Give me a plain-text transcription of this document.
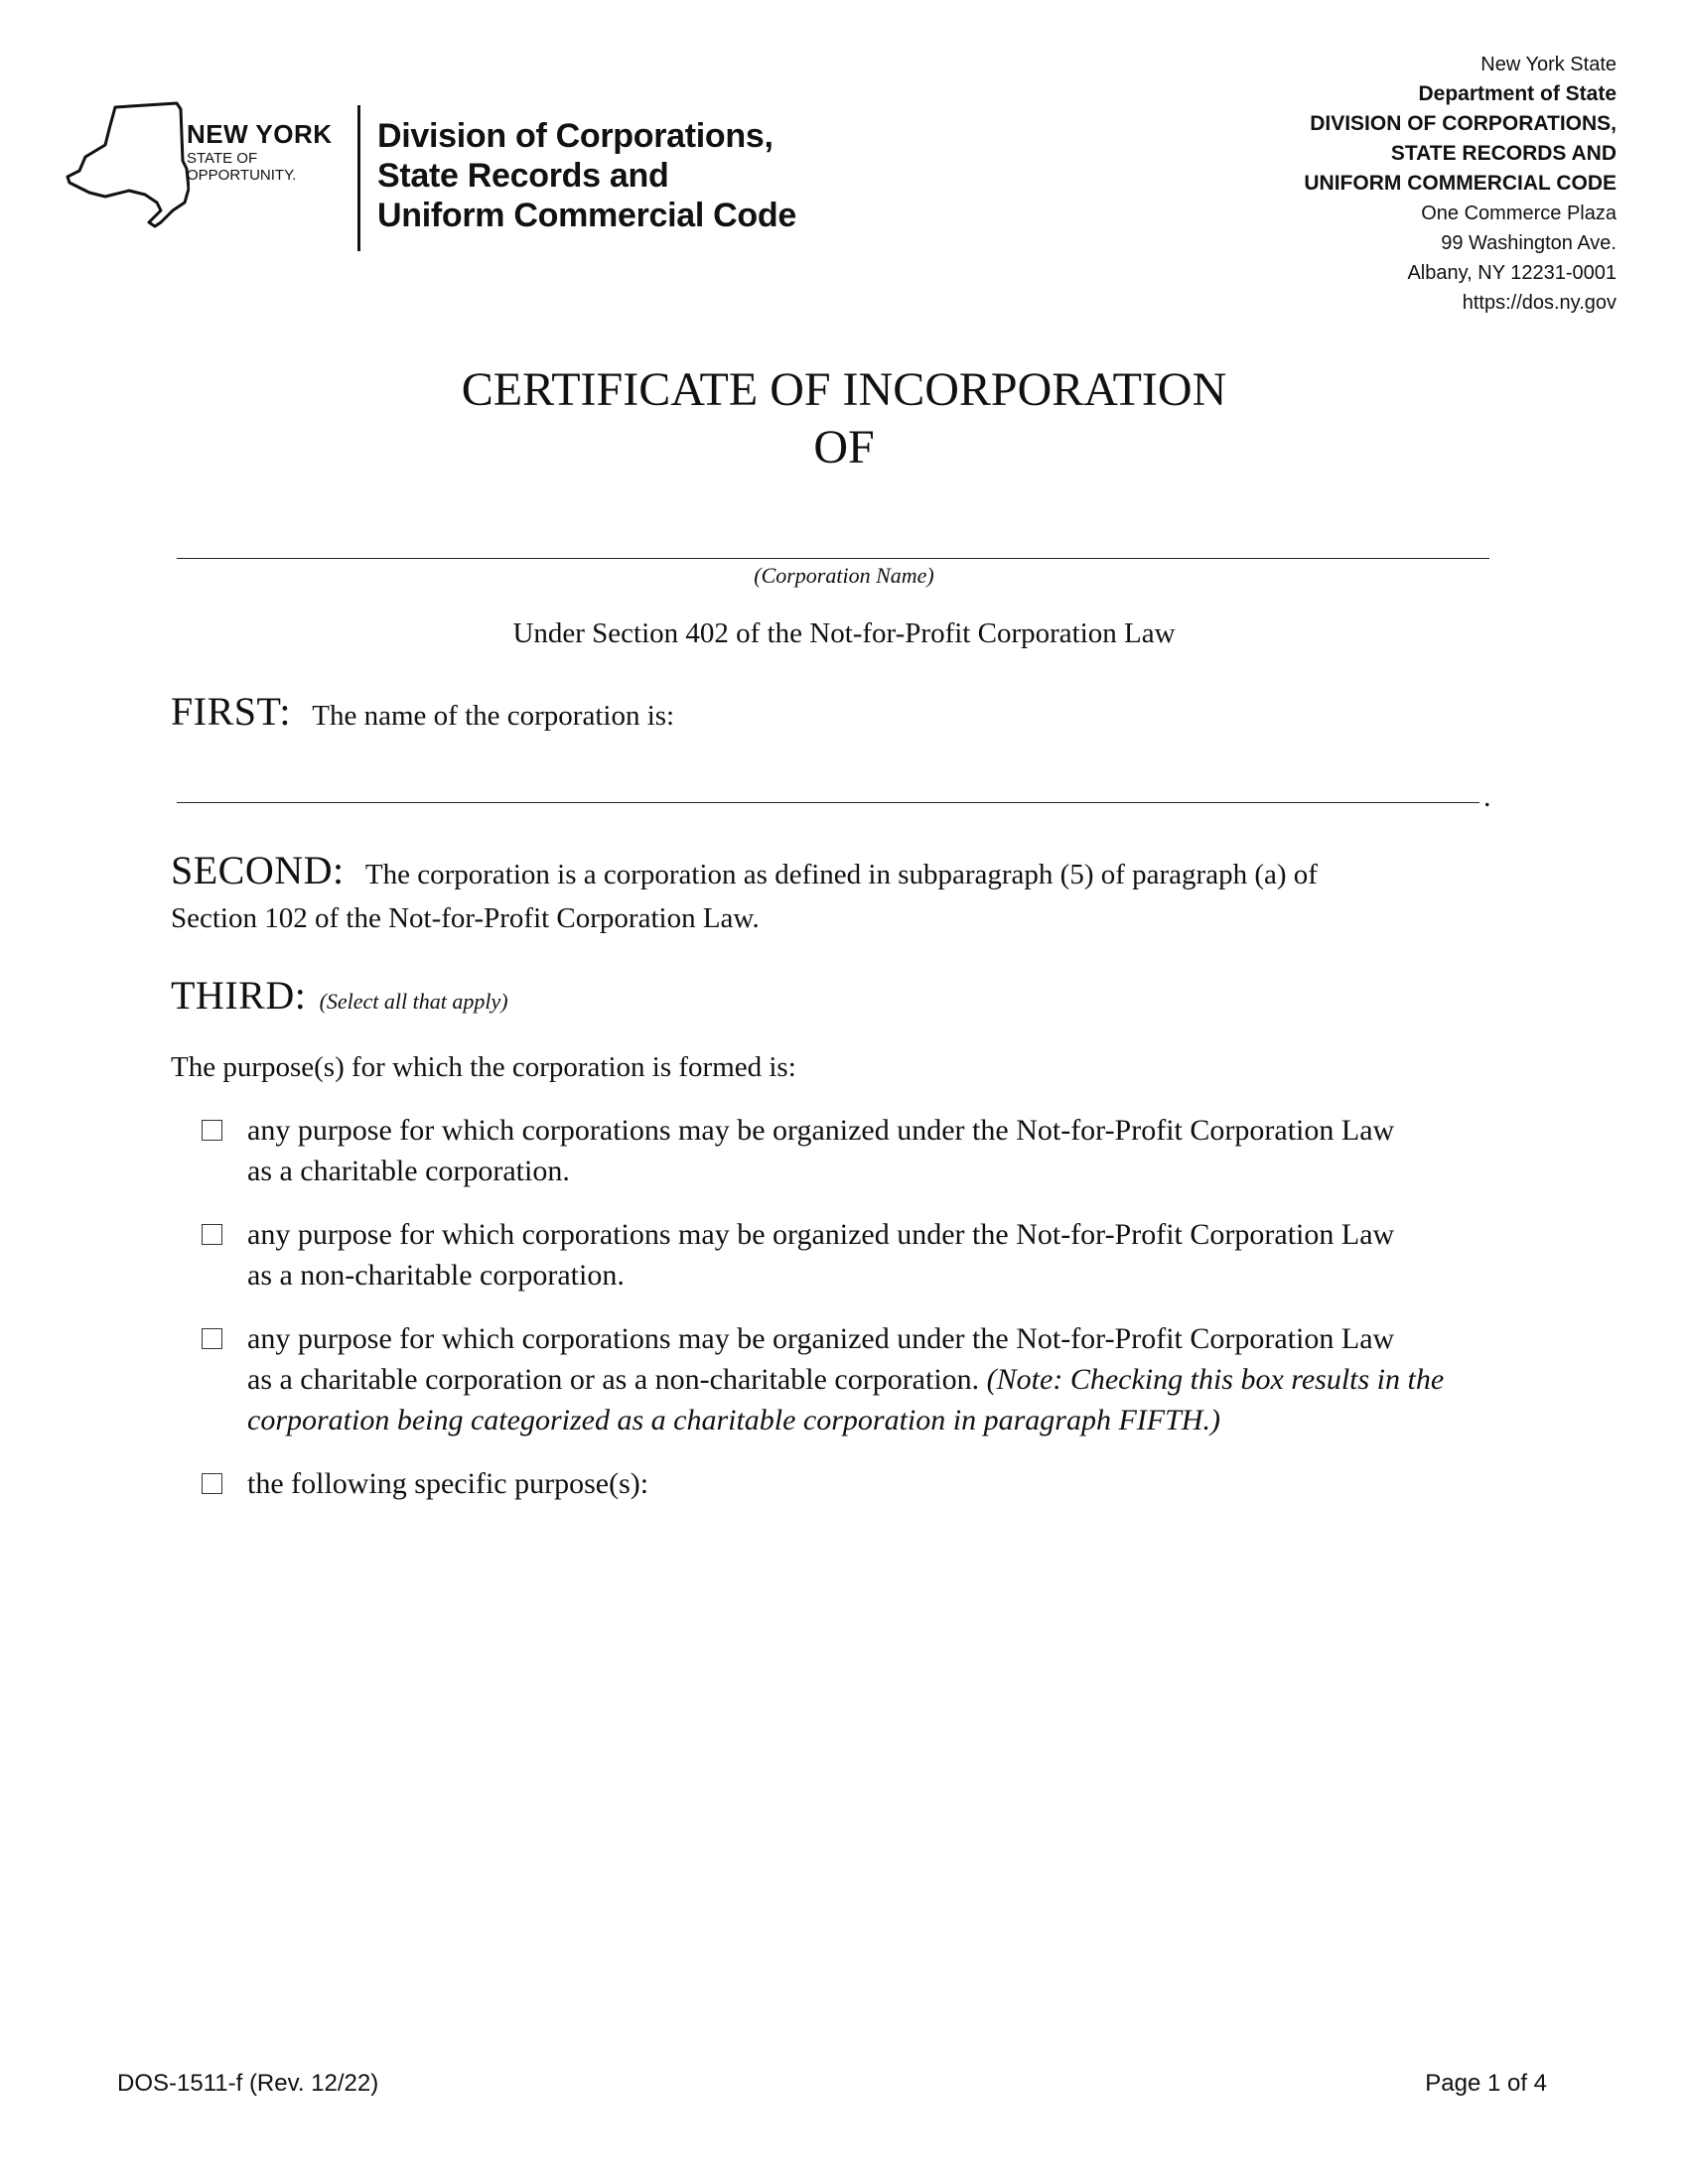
NEW YORK
STATE OF
OPPORTUNITY.
Division of Corporations,
State Records and
Uniform Commercial Code
New York State
Department of State
DIVISION OF CORPORATIONS,
STATE RECORDS AND
UNIFORM COMMERCIAL CODE
One Commerce Plaza
99 Washington Ave.
Albany, NY 12231-0001
https://dos.ny.gov
CERTIFICATE OF INCORPORATION
OF
(Corporation Name)
Under Section 402 of the Not-for-Profit Corporation Law
FIRST: The name of the corporation is:
.
SECOND: The corporation is a corporation as defined in subparagraph (5) of paragraph (a) of
Section 102 of the Not-for-Profit Corporation Law.
THIRD: (Select all that apply)
The purpose(s) for which the corporation is formed is:
any purpose for which corporations may be organized under the Not-for-Profit Corporation Law
as a charitable corporation.
any purpose for which corporations may be organized under the Not-for-Profit Corporation Law
as a non-charitable corporation.
any purpose for which corporations may be organized under the Not-for-Profit Corporation Law
as a charitable corporation or as a non-charitable corporation. (Note: Checking this box results in the
corporation being categorized as a charitable corporation in paragraph FIFTH.)
the following specific purpose(s):
DOS-1511-f (Rev. 12/22)	Page 1 of 4
